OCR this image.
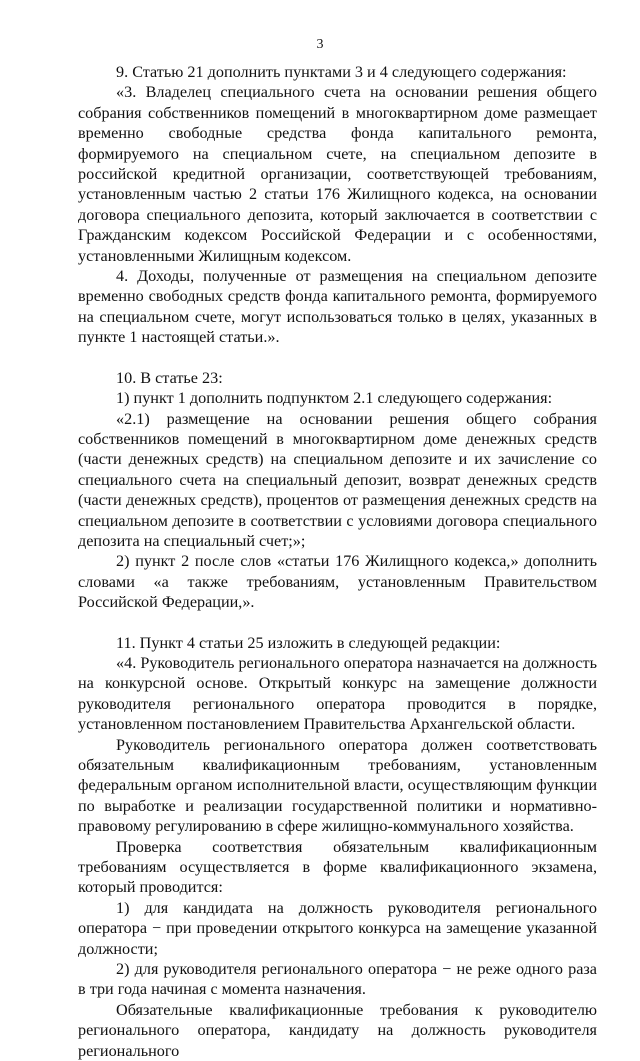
3

9. Статью 21 дополнить пунктами 3 и 4 следующего содержания:

«3. Владелец специального счета на основании решения общего собрания собственников помещений в многоквартирном доме размещает временно свободные средства фонда капитального ремонта, формируемого на специальном счете, на специальном депозите в российской кредитной организации, соответствующей требованиям, установленным частью 2 статьи 176 Жилищного кодекса, на основании договора специального депозита, который заключается в соответствии с Гражданским кодексом Российской Федерации и с особенностями, установленными Жилищным кодексом.

4. Доходы, полученные от размещения на специальном депозите временно свободных средств фонда капитального ремонта, формируемого на специальном счете, могут использоваться только в целях, указанных в пункте 1 настоящей статьи.».

10. В статье 23:

1) пункт 1 дополнить подпунктом 2.1 следующего содержания:

«2.1) размещение на основании решения общего собрания собственников помещений в многоквартирном доме денежных средств (части денежных средств) на специальном депозите и их зачисление со специального счета на специальный депозит, возврат денежных средств (части денежных средств), процентов от размещения денежных средств на специальном депозите в соответствии с условиями договора специального депозита на специальный счет;»;

2) пункт 2 после слов «статьи 176 Жилищного кодекса,» дополнить словами «а также требованиям, установленным Правительством Российской Федерации,».

11. Пункт 4 статьи 25 изложить в следующей редакции:

«4. Руководитель регионального оператора назначается на должность на конкурсной основе. Открытый конкурс на замещение должности руководителя регионального оператора проводится в порядке, установленном постановлением Правительства Архангельской области.

Руководитель регионального оператора должен соответствовать обязательным квалификационным требованиям, установленным федеральным органом исполнительной власти, осуществляющим функции по выработке и реализации государственной политики и нормативно-правовому регулированию в сфере жилищно-коммунального хозяйства.

Проверка соответствия обязательным квалификационным требованиям осуществляется в форме квалификационного экзамена, который проводится:

1) для кандидата на должность руководителя регионального оператора − при проведении открытого конкурса на замещение указанной должности;

2) для руководителя регионального оператора − не реже одного раза в три года начиная с момента назначения.

Обязательные квалификационные требования к руководителю регионального оператора, кандидату на должность руководителя регионального
